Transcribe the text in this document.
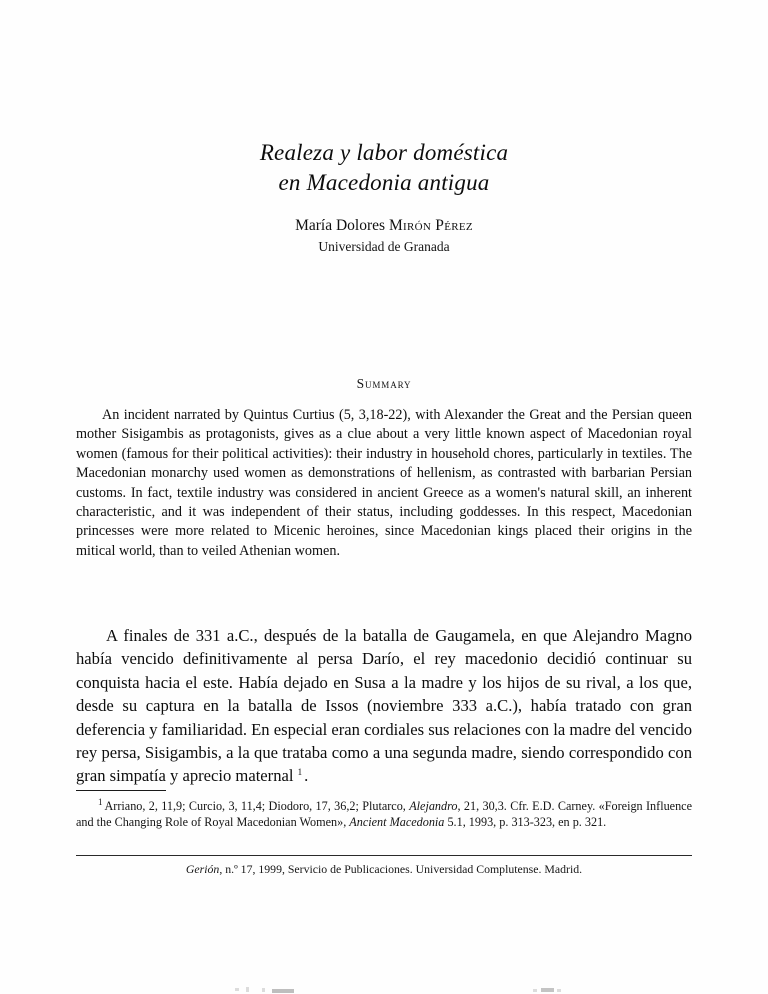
Realeza y labor doméstica
en Macedonia antigua
María Dolores Mirón Pérez
Universidad de Granada
Summary

An incident narrated by Quintus Curtius (5, 3,18-22), with Alexander the Great and the Persian queen mother Sisigambis as protagonists, gives as a clue about a very little known aspect of Macedonian royal women (famous for their political activities): their industry in household chores, particularly in textiles. The Macedonian monarchy used women as demonstrations of hellenism, as contrasted with barbarian Persian customs. In fact, textile industry was considered in ancient Greece as a women's natural skill, an inherent characteristic, and it was independent of their status, including goddesses. In this respect, Macedonian princesses were more related to Micenic heroines, since Macedonian kings placed their origins in the mitical world, than to veiled Athenian women.

A finales de 331 a.C., después de la batalla de Gaugamela, en que Alejandro Magno había vencido definitivamente al persa Darío, el rey macedonio decidió continuar su conquista hacia el este. Había dejado en Susa a la madre y los hijos de su rival, a los que, desde su captura en la batalla de Issos (noviembre 333 a.C.), había tratado con gran deferencia y familiaridad. En especial eran cordiales sus relaciones con la madre del vencido rey persa, Sisigambis, a la que trataba como a una segunda madre, siendo correspondido con gran simpatía y aprecio maternal $^1$ .

$^1$ Arriano, 2, 11,9; Curcio, 3, 11,4; Diodoro, 17, 36,2; Plutarco, Alejandro, 21, 30,3. Cfr. E.D. Carney. «Foreign Influence and the Changing Role of Royal Macedonian Women», Ancient Macedonia 5.1, 1993, p. 313-323, en p. 321.

Gerión, n.º 17, 1999, Servicio de Publicaciones. Universidad Complutense. Madrid.
